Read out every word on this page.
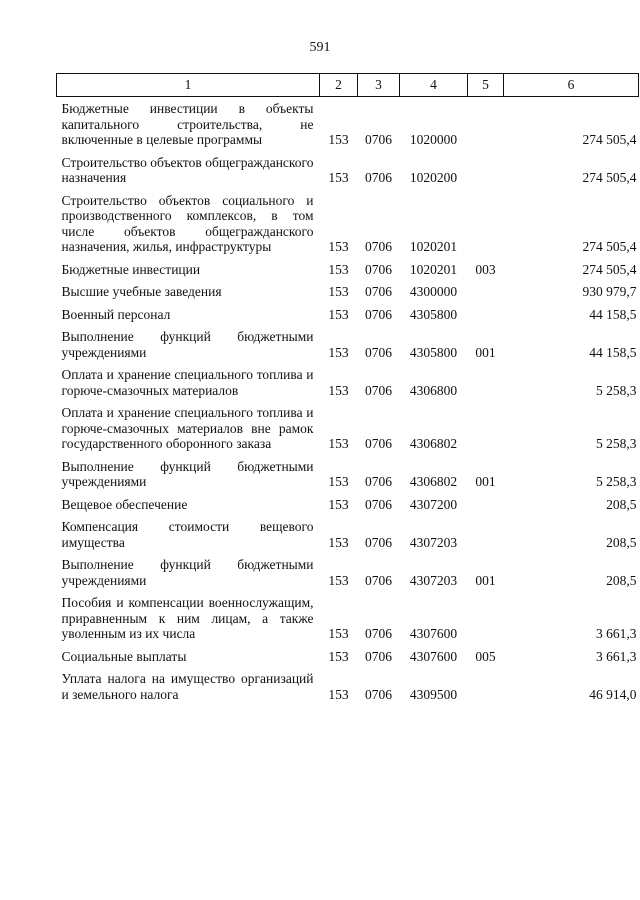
591
1	2	3	4	5	6
Бюджетные инвестиции в объекты капитального строительства, не включенные в целевые программы	153	0706	1020000		274 505,4
Строительство объектов общегражданского назначения	153	0706	1020200		274 505,4
Строительство объектов социального и производственного комплексов, в том числе объектов общегражданского назначения, жилья, инфраструктуры	153	0706	1020201		274 505,4
Бюджетные инвестиции	153	0706	1020201	003	274 505,4
Высшие учебные заведения	153	0706	4300000		930 979,7
Военный персонал	153	0706	4305800		44 158,5
Выполнение функций бюджетными учреждениями	153	0706	4305800	001	44 158,5
Оплата и хранение специального топлива и горюче-смазочных материалов	153	0706	4306800		5 258,3
Оплата и хранение специального топлива и горюче-смазочных материалов вне рамок государственного оборонного заказа	153	0706	4306802		5 258,3
Выполнение функций бюджетными учреждениями	153	0706	4306802	001	5 258,3
Вещевое обеспечение	153	0706	4307200		208,5
Компенсация стоимости вещевого имущества	153	0706	4307203		208,5
Выполнение функций бюджетными учреждениями	153	0706	4307203	001	208,5
Пособия и компенсации военнослужащим, приравненным к ним лицам, а также уволенным из их числа	153	0706	4307600		3 661,3
Социальные выплаты	153	0706	4307600	005	3 661,3
Уплата налога на имущество организаций и земельного налога	153	0706	4309500		46 914,0
